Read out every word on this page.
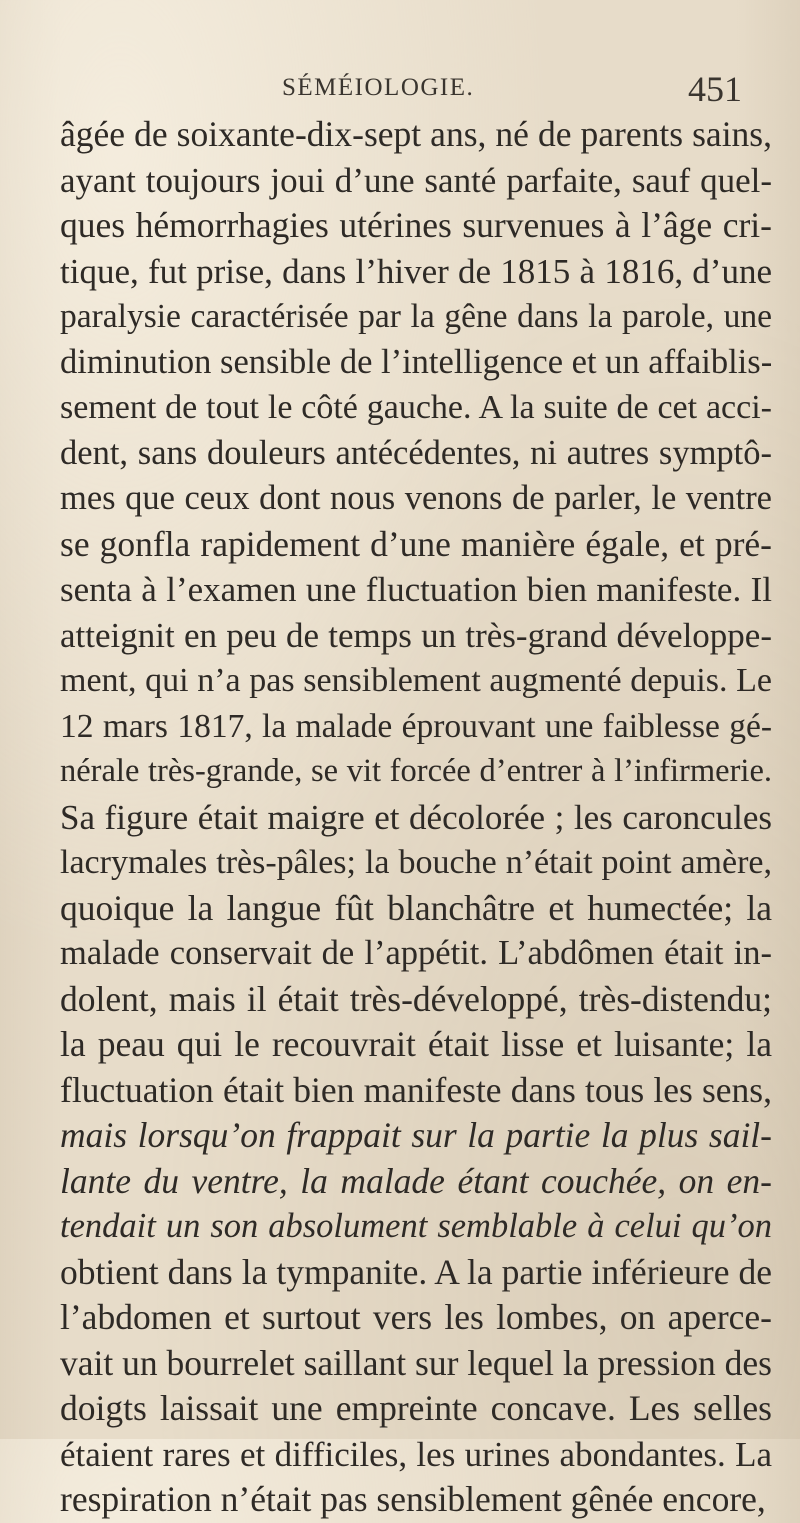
SÉMÉIOLOGIE.	451
âgée de soixante-dix-sept ans, né de parents sains,
ayant toujours joui d’une santé parfaite, sauf quel-
ques hémorrhagies utérines survenues à l’âge cri-
tique, fut prise, dans l’hiver de 1815 à 1816, d’une
paralysie caractérisée par la gêne dans la parole, une
diminution sensible de l’intelligence et un affaiblis-
sement de tout le côté gauche. A la suite de cet acci-
dent, sans douleurs antécédentes, ni autres symptô-
mes que ceux dont nous venons de parler, le ventre
se gonfla rapidement d’une manière égale, et pré-
senta à l’examen une fluctuation bien manifeste. Il
atteignit en peu de temps un très-grand développe-
ment, qui n’a pas sensiblement augmenté depuis. Le
12 mars 1817, la malade éprouvant une faiblesse gé-
nérale très-grande, se vit forcée d’entrer à l’infirmerie.
Sa figure était maigre et décolorée ; les caroncules
lacrymales très-pâles; la bouche n’était point amère,
quoique la langue fût blanchâtre et humectée; la
malade conservait de l’appétit. L’abdômen était in-
dolent, mais il était très-développé, très-distendu;
la peau qui le recouvrait était lisse et luisante; la
fluctuation était bien manifeste dans tous les sens,
mais lorsqu’on frappait sur la partie la plus sail-
lante du ventre, la malade étant couchée, on en-
tendait un son absolument semblable à celui qu’on
obtient dans la tympanite. A la partie inférieure de
l’abdomen et surtout vers les lombes, on aperce-
vait un bourrelet saillant sur lequel la pression des
doigts laissait une empreinte concave. Les selles
étaient rares et difficiles, les urines abondantes. La
respiration n’était pas sensiblement gênée encore,
